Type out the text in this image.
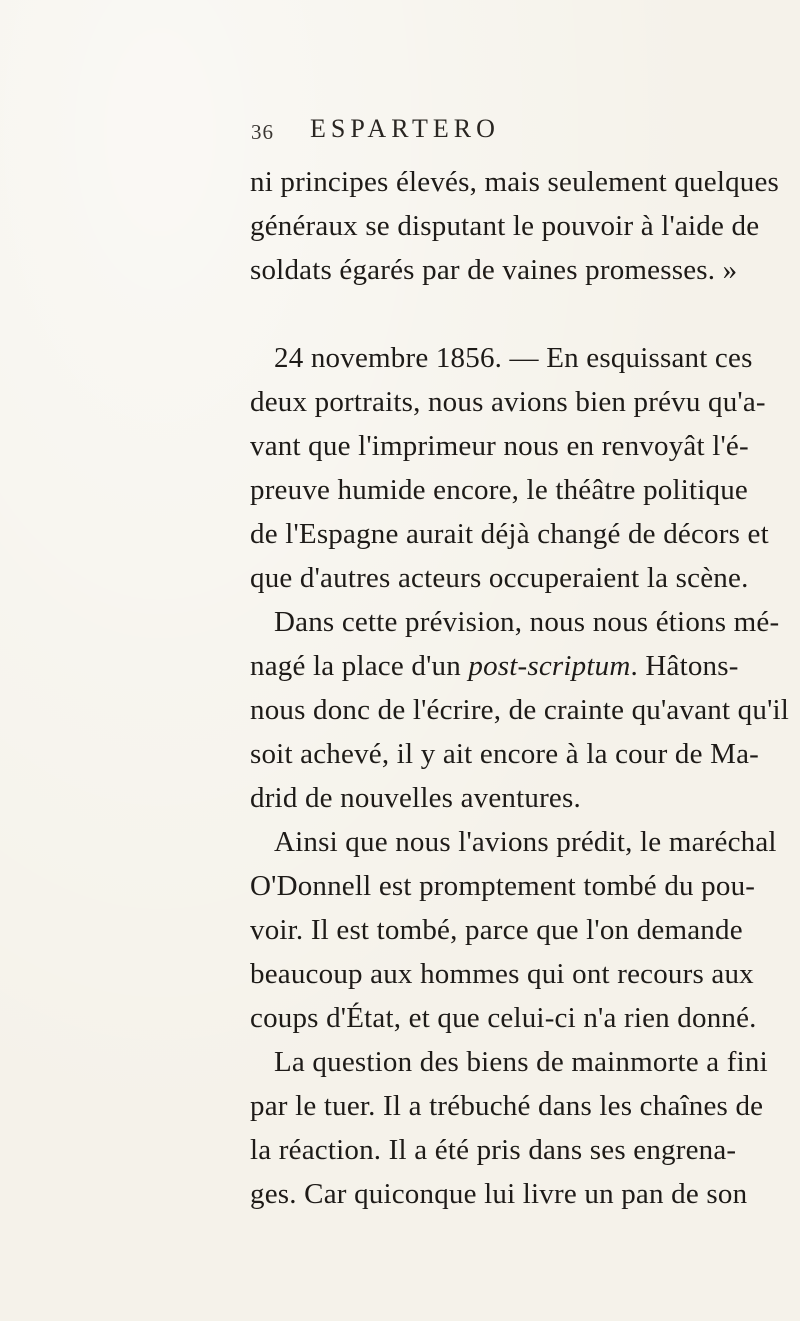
36 ESPARTERO
ni principes élevés, mais seulement quelques
généraux se disputant le pouvoir à l'aide de
soldats égarés par de vaines promesses. »
24 novembre 1856. — En esquissant ces
deux portraits, nous avions bien prévu qu'a-
vant que l'imprimeur nous en renvoyât l'é-
preuve humide encore, le théâtre politique
de l'Espagne aurait déjà changé de décors et
que d'autres acteurs occuperaient la scène.
Dans cette prévision, nous nous étions mé-
nagé la place d'un post-scriptum. Hâtons-
nous donc de l'écrire, de crainte qu'avant qu'il
soit achevé, il y ait encore à la cour de Ma-
drid de nouvelles aventures.
Ainsi que nous l'avions prédit, le maréchal
O'Donnell est promptement tombé du pou-
voir. Il est tombé, parce que l'on demande
beaucoup aux hommes qui ont recours aux
coups d'État, et que celui-ci n'a rien donné.
La question des biens de mainmorte a fini
par le tuer. Il a trébuché dans les chaînes de
la réaction. Il a été pris dans ses engrena-
ges. Car quiconque lui livre un pan de son
